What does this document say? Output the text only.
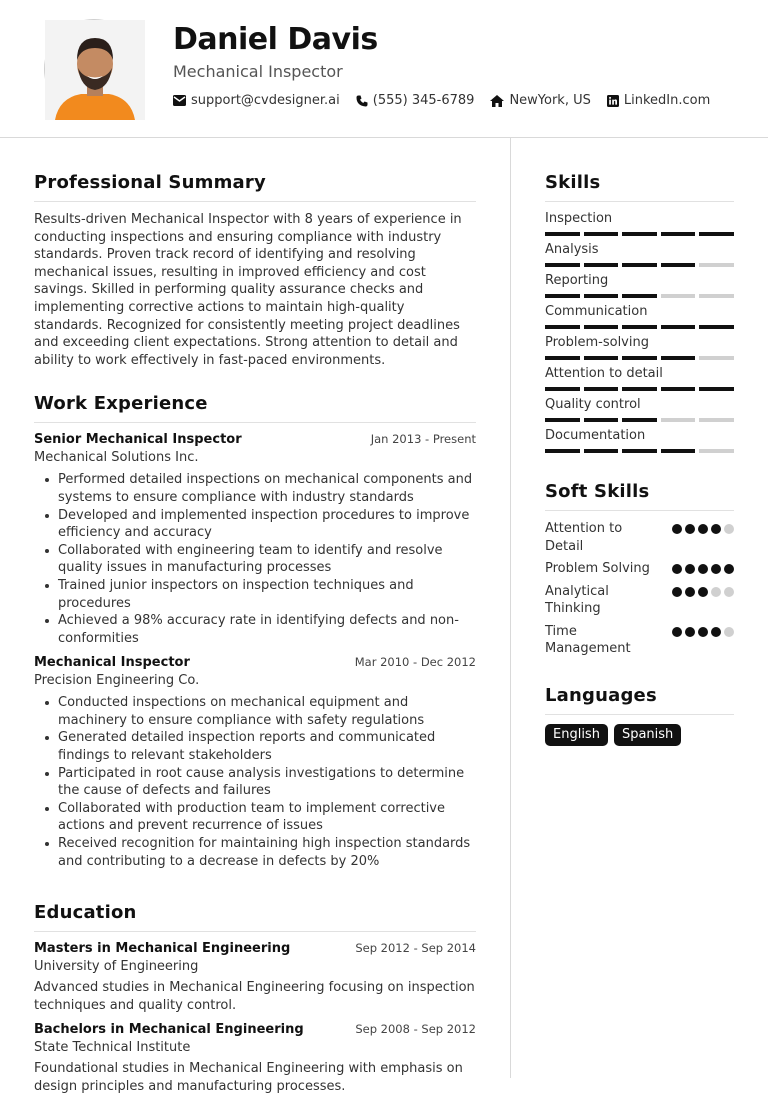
Daniel Davis
Mechanical Inspector
support@cvdesigner.ai	(555) 345-6789	NewYork, US	LinkedIn.com
Professional Summary

Results-driven Mechanical Inspector with 8 years of experience in conducting inspections and ensuring compliance with industry standards. Proven track record of identifying and resolving mechanical issues, resulting in improved efficiency and cost savings. Skilled in performing quality assurance checks and implementing corrective actions to maintain high-quality standards. Recognized for consistently meeting project deadlines and exceeding client expectations. Strong attention to detail and ability to work effectively in fast-paced environments.

Work Experience
Senior Mechanical Inspector	Jan 2013 - Present
Mechanical Solutions Inc.
Performed detailed inspections on mechanical components and systems to ensure compliance with industry standards
Developed and implemented inspection procedures to improve efficiency and accuracy
Collaborated with engineering team to identify and resolve quality issues in manufacturing processes
Trained junior inspectors on inspection techniques and procedures
Achieved a 98% accuracy rate in identifying defects and non-conformities
Mechanical Inspector	Mar 2010 - Dec 2012
Precision Engineering Co.
Conducted inspections on mechanical equipment and machinery to ensure compliance with safety regulations
Generated detailed inspection reports and communicated findings to relevant stakeholders
Participated in root cause analysis investigations to determine the cause of defects and failures
Collaborated with production team to implement corrective actions and prevent recurrence of issues
Received recognition for maintaining high inspection standards and contributing to a decrease in defects by 20%
Education
Masters in Mechanical Engineering	Sep 2012 - Sep 2014
University of Engineering

Advanced studies in Mechanical Engineering focusing on inspection techniques and quality control.

Bachelors in Mechanical Engineering	Sep 2008 - Sep 2012
State Technical Institute

Foundational studies in Mechanical Engineering with emphasis on design principles and manufacturing processes.

Skills
Inspection
Analysis
Reporting
Communication
Problem-solving
Attention to detail
Quality control
Documentation
Soft Skills
Attention to Detail
Problem Solving
Analytical Thinking
Time Management
Languages
English	Spanish
